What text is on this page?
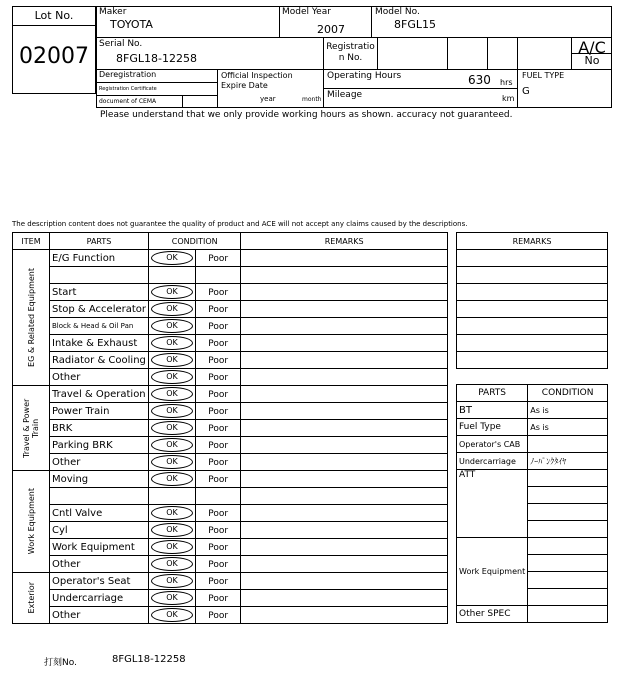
Lot No.
02007
Maker
TOYOTA
Model Year
2007
Model No.
8FGL15
Serial No.
8FGL18-12258
Registration No.
A/C
No
Deregistration
Registration Certificate
document of CEMA
Official Inspection Expire Date
year	month
Operating Hours	630 hrs
Mileage	km
FUEL TYPE
G
Please understand that we only provide working hours as shown. accuracy not guaranteed.
The description content does not guarantee the quality of product and ACE will not accept any claims caused by the descriptions.
ITEM	PARTS	CONDITION		REMARKS

EG & Related Equipment	E/G Function	OK	Poor	

	Start	OK	Poor	
	Stop & Accelerator	OK	Poor	
	Block & Head & Oil Pan	OK	Poor	
	Intake & Exhaust	OK	Poor	
	Radiator & Cooling	OK	Poor	
	Other	OK	Poor	

Travel & Power Train	Travel & Operation	OK	Poor	
	Power Train	OK	Poor	
	BRK	OK	Poor	
	Parking BRK	OK	Poor	
	Other	OK	Poor	

Work Equipment	Moving	OK	Poor	

	Cntl Valve	OK	Poor	
	Cyl	OK	Poor	
	Work Equipment	OK	Poor	
	Other	OK	Poor	

Exterior	Operator's Seat	OK	Poor	
	Undercarriage	OK	Poor	
	Other	OK	Poor	
REMARKS

PARTS	CONDITION
BT	As is
Fuel Type	As is
Operator's CAB	
Undercarriage	ﾉｰﾊﾟﾝｸﾀｲﾔ
ATT	

Work Equipment	

Other SPEC	
打刻No.	8FGL18-12258
